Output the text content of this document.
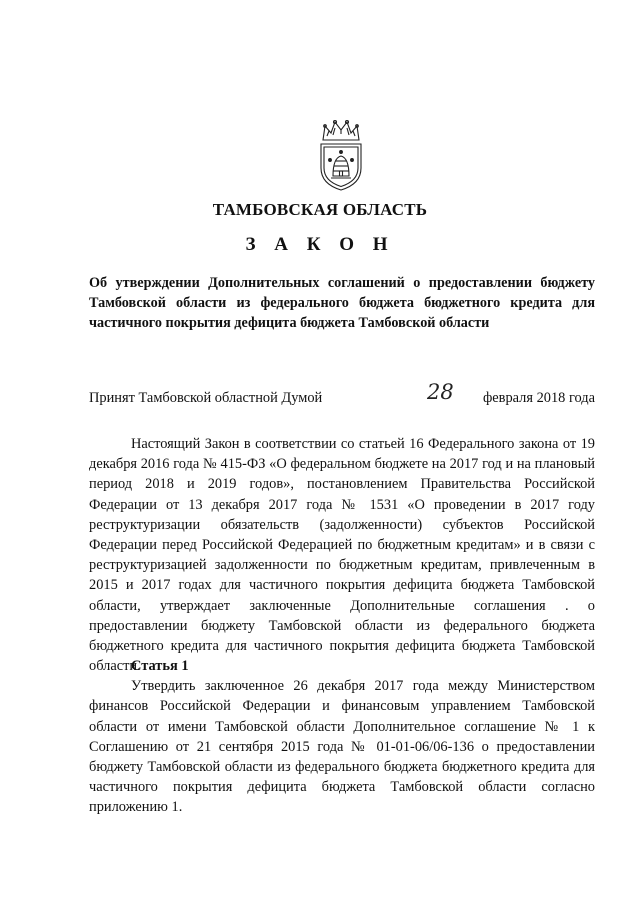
ТАМБОВСКАЯ ОБЛАСТЬ
З А К О Н
Об утверждении Дополнительных соглашений о предоставлении бюджету Тамбовской области из федерального бюджета бюджетного кредита для частичного покрытия дефицита бюджета Тамбовской области
Принят Тамбовской областной Думой	28 февраля 2018 года

Настоящий Закон в соответствии со статьей 16 Федерального закона от 19 декабря 2016 года № 415-ФЗ «О федеральном бюджете на 2017 год и на плановый период 2018 и 2019 годов», постановлением Правительства Российской Федерации от 13 декабря 2017 года № 1531 «О проведении в 2017 году реструктуризации обязательств (задолженности) субъектов Российской Федерации перед Российской Федерацией по бюджетным кредитам» и в связи с реструктуризацией задолженности по бюджетным кредитам, привлеченным в 2015 и 2017 годах для частичного покрытия дефицита бюджета Тамбовской области, утверждает заключенные Дополнительные соглашения . о предоставлении бюджету Тамбовской области из федерального бюджета бюджетного кредита для частичного покрытия дефицита бюджета Тамбовской области.

Статья 1

Утвердить заключенное 26 декабря 2017 года между Министерством финансов Российской Федерации и финансовым управлением Тамбовской области от имени Тамбовской области Дополнительное соглашение № 1 к Соглашению от 21 сентября 2015 года № 01-01-06/06-136 о предоставлении бюджету Тамбовской области из федерального бюджета бюджетного кредита для частичного покрытия дефицита бюджета Тамбовской области согласно приложению 1.
